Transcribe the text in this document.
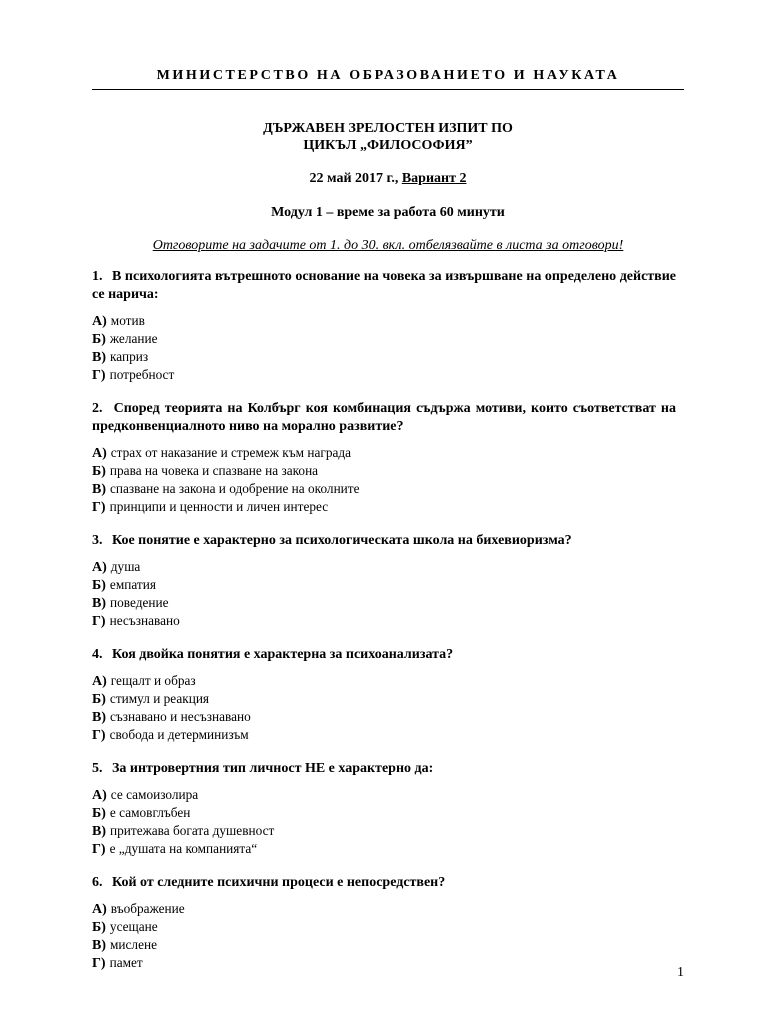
МИНИСТЕРСТВО НА ОБРАЗОВАНИЕТО И НАУКАТА
ДЪРЖАВЕН ЗРЕЛОСТЕН ИЗПИТ ПО
ЦИКЪЛ „ФИЛОСОФИЯ”
22 май 2017 г., Вариант 2
Модул 1 – време за работа 60 минути
Отговорите на задачите от 1. до 30. вкл. отбелязвайте в листа за отговори!
1. В психологията вътрешното основание на човека за извършване на определено действие се нарича:
А) мотив
Б) желание
В) каприз
Г) потребност
2. Според теорията на Колбърг коя комбинация съдържа мотиви, които съответстват на предконвенциалното ниво на морално развитие?
А) страх от наказание и стремеж към награда
Б) права на човека и спазване на закона
В) спазване на закона и одобрение на околните
Г) принципи и ценности и личен интерес
3. Кое понятие е характерно за психологическата школа на бихевиоризма?
А) душа
Б) емпатия
В) поведение
Г) несъзнавано
4. Коя двойка понятия е характерна за психоанализата?
А) гещалт и образ
Б) стимул и реакция
В) съзнавано и несъзнавано
Г) свобода и детерминизъм
5. За интровертния тип личност НЕ е характерно да:
А) се самоизолира
Б) е самовглъбен
В) притежава богата душевност
Г) е „душата на компанията“
6. Кой от следните психични процеси е непосредствен?
А) въображение
Б) усещане
В) мислене
Г) памет
1
